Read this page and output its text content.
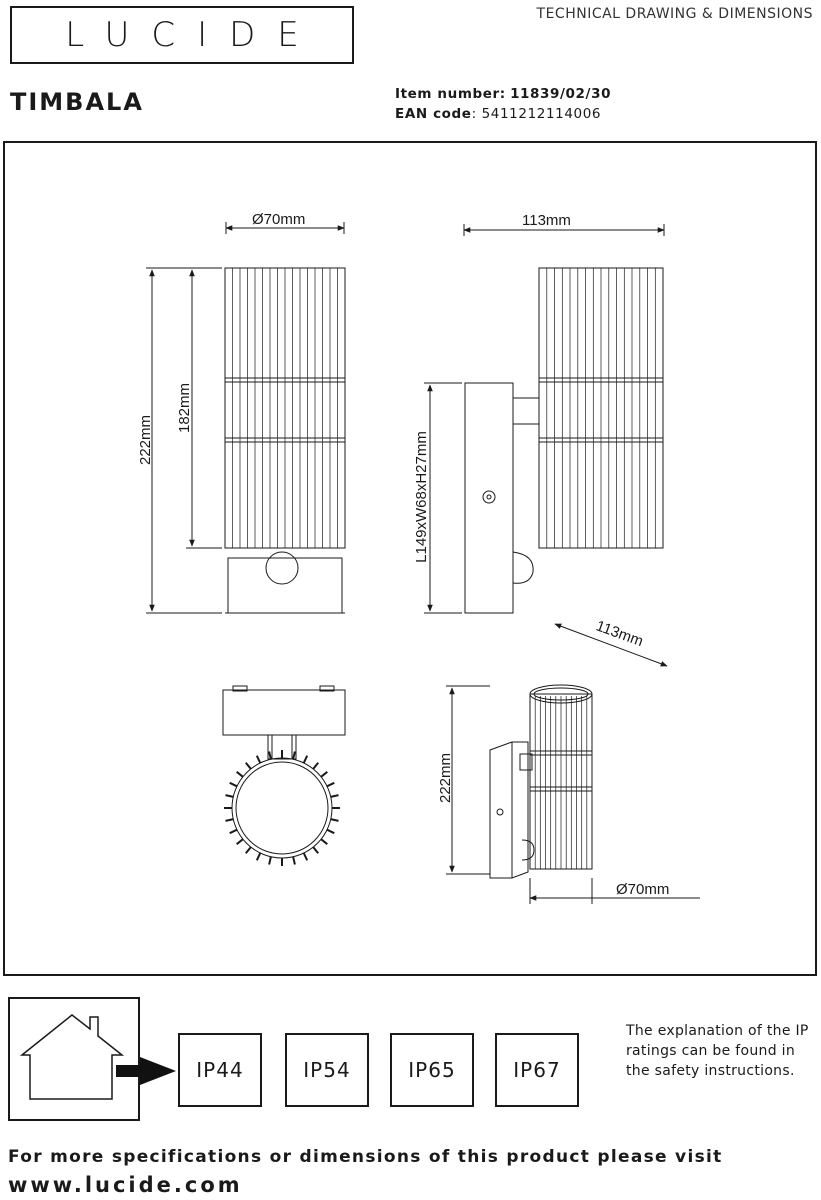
LUCIDE
TECHNICAL DRAWING & DIMENSIONS
TIMBALA	Item number: 11839/02/30
EAN code: 5411212114006
Ø70mm
222mm
182mm
113mm
L149xW68xH27mm
113mm
222mm
Ø70mm
IP44	IP54	IP65	IP67
The explanation of the IP ratings can be found in the safety instructions.
For more specifications or dimensions of this product please visit
www.lucide.com
